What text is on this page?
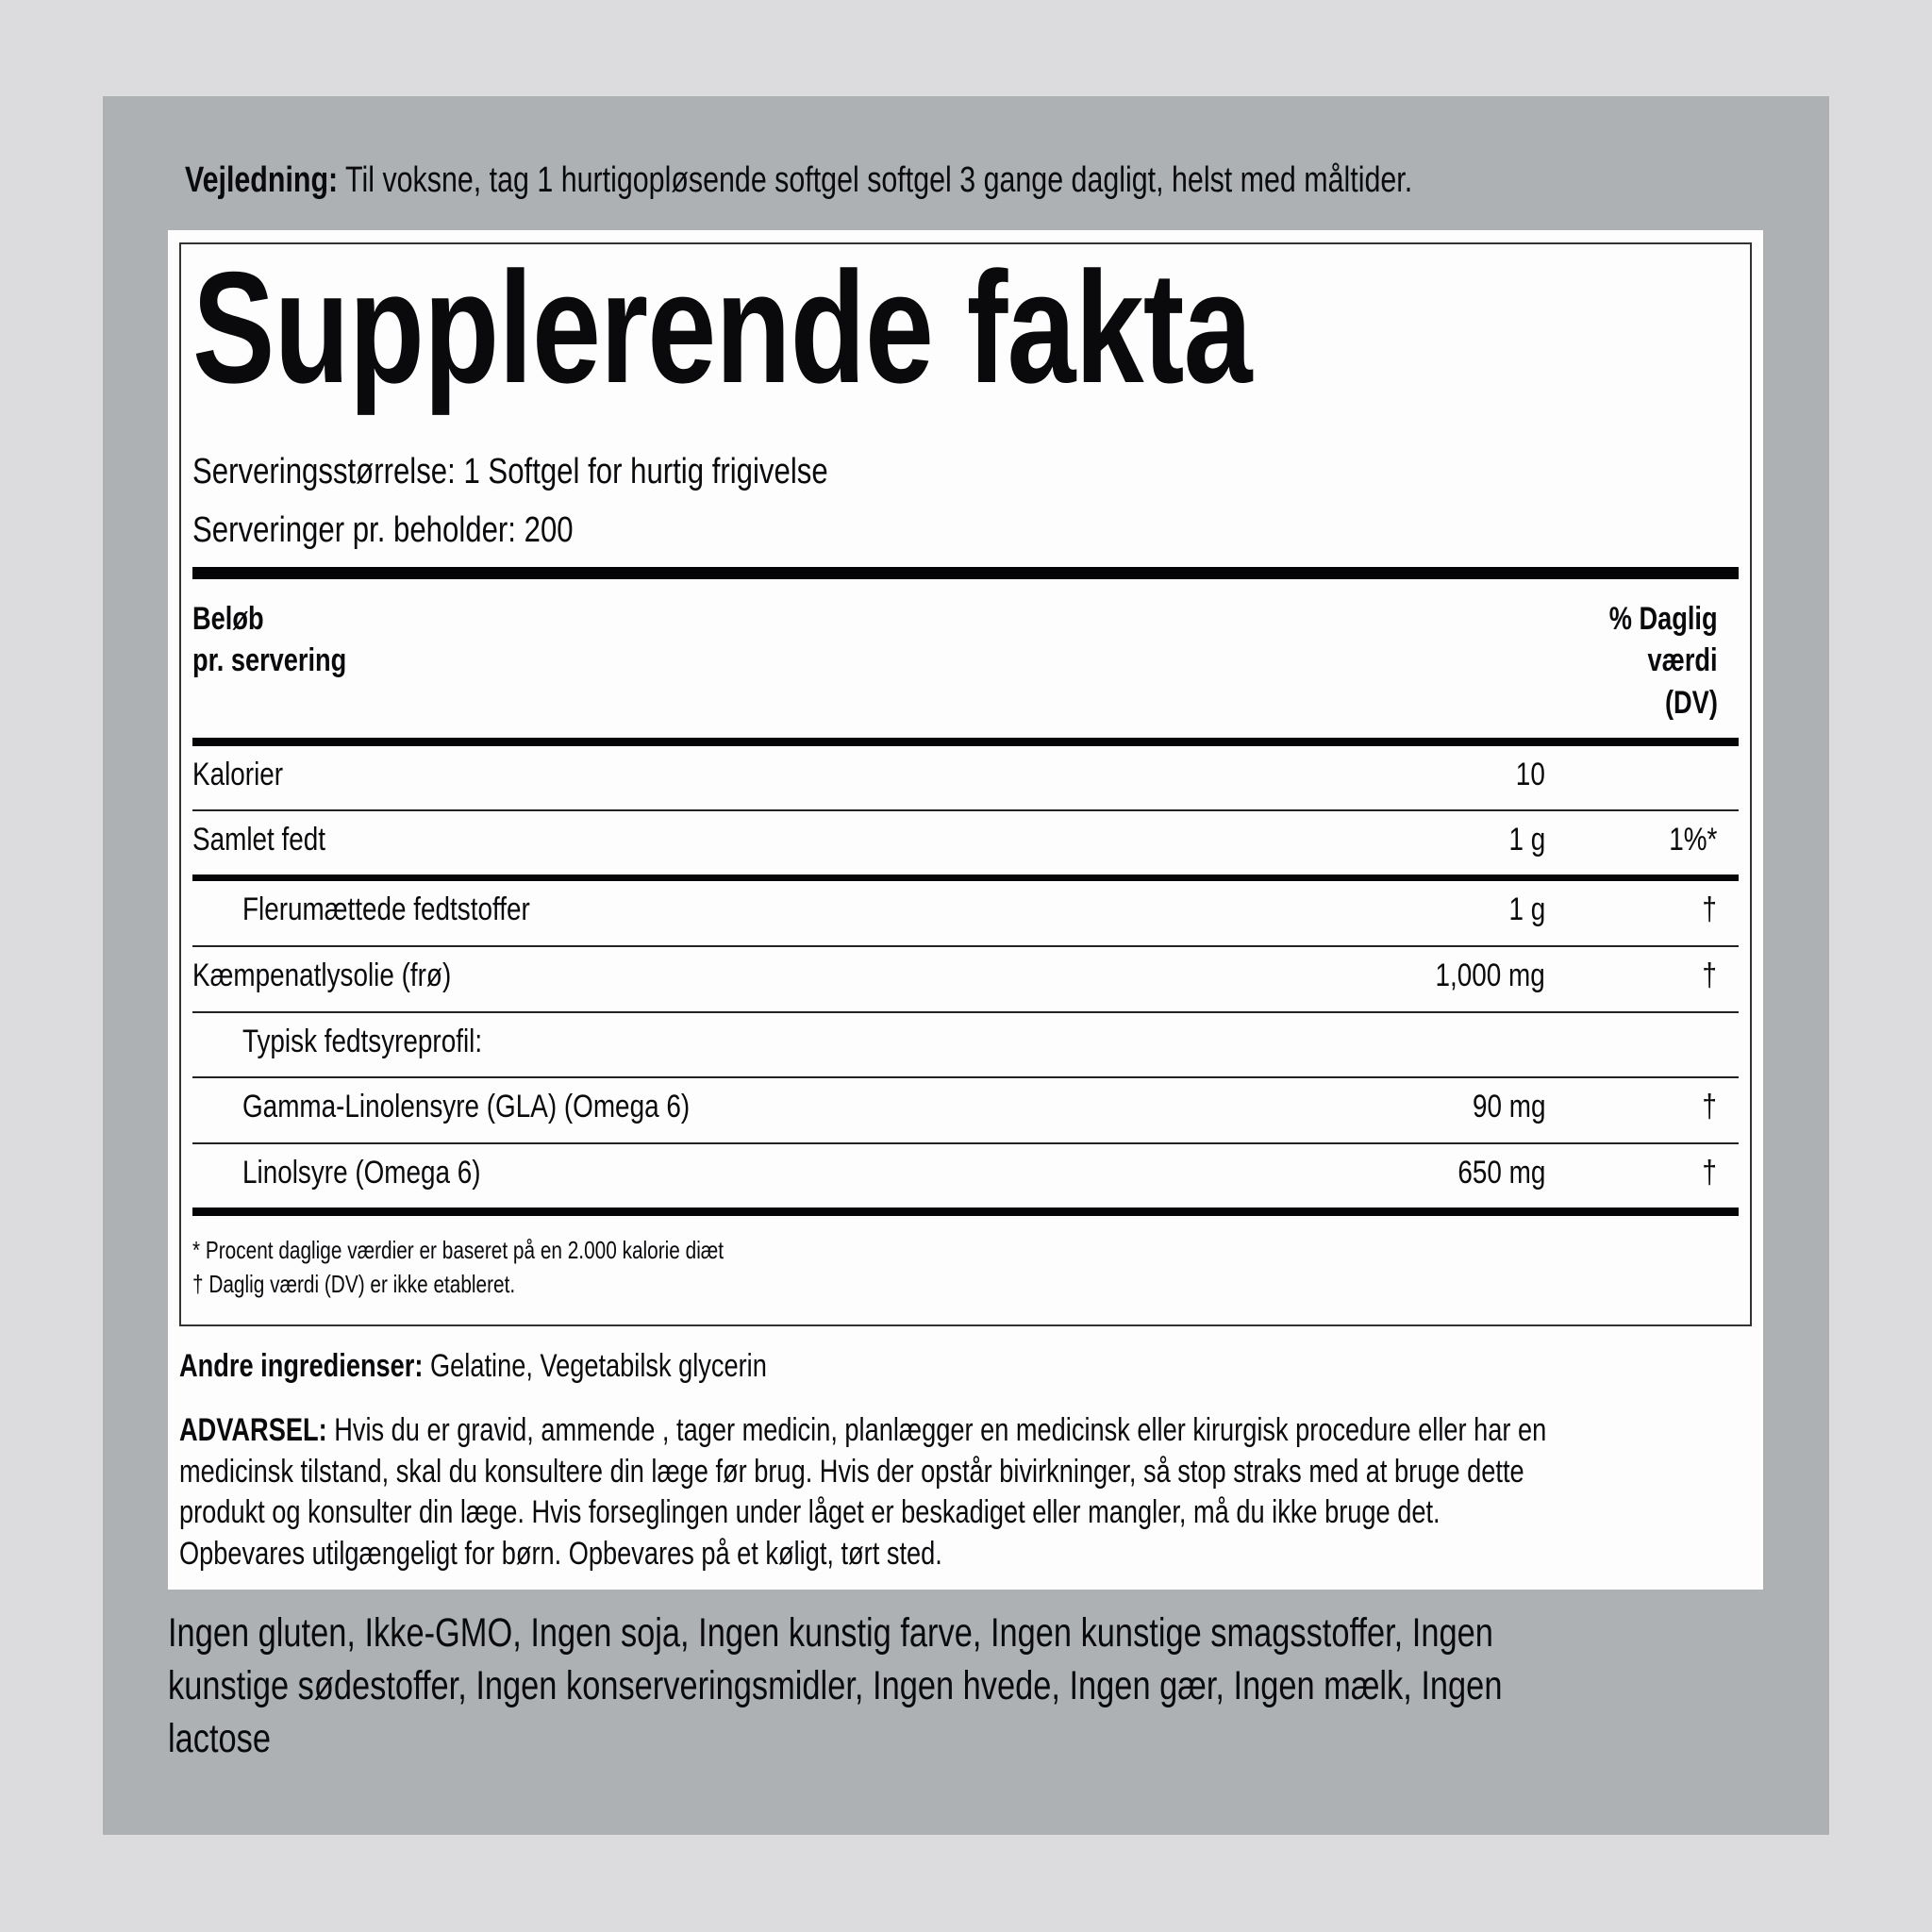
Vejledning: Til voksne, tag 1 hurtigopløsende softgel softgel 3 gange dagligt, helst med måltider.
Supplerende fakta
Serveringsstørrelse: 1 Softgel for hurtig frigivelse
Serveringer pr. beholder: 200
Beløb
pr. servering
% Daglig
værdi
(DV)
Kalorier	10
Samlet fedt	1 g	1%*
Flerumættede fedtstoffer	1 g	†
Kæmpenatlysolie (frø)	1,000 mg	†
Typisk fedtsyreprofil:
Gamma-Linolensyre (GLA) (Omega 6)	90 mg	†
Linolsyre (Omega 6)	650 mg	†
* Procent daglige værdier er baseret på en 2.000 kalorie diæt
† Daglig værdi (DV) er ikke etableret.
Andre ingredienser: Gelatine, Vegetabilsk glycerin
ADVARSEL: Hvis du er gravid, ammende , tager medicin, planlægger en medicinsk eller kirurgisk procedure eller har en
medicinsk tilstand, skal du konsultere din læge før brug. Hvis der opstår bivirkninger, så stop straks med at bruge dette
produkt og konsulter din læge. Hvis forseglingen under låget er beskadiget eller mangler, må du ikke bruge det.
Opbevares utilgængeligt for børn. Opbevares på et køligt, tørt sted.
Ingen gluten, Ikke-GMO, Ingen soja, Ingen kunstig farve, Ingen kunstige smagsstoffer, Ingen
kunstige sødestoffer, Ingen konserveringsmidler, Ingen hvede, Ingen gær, Ingen mælk, Ingen
lactose
